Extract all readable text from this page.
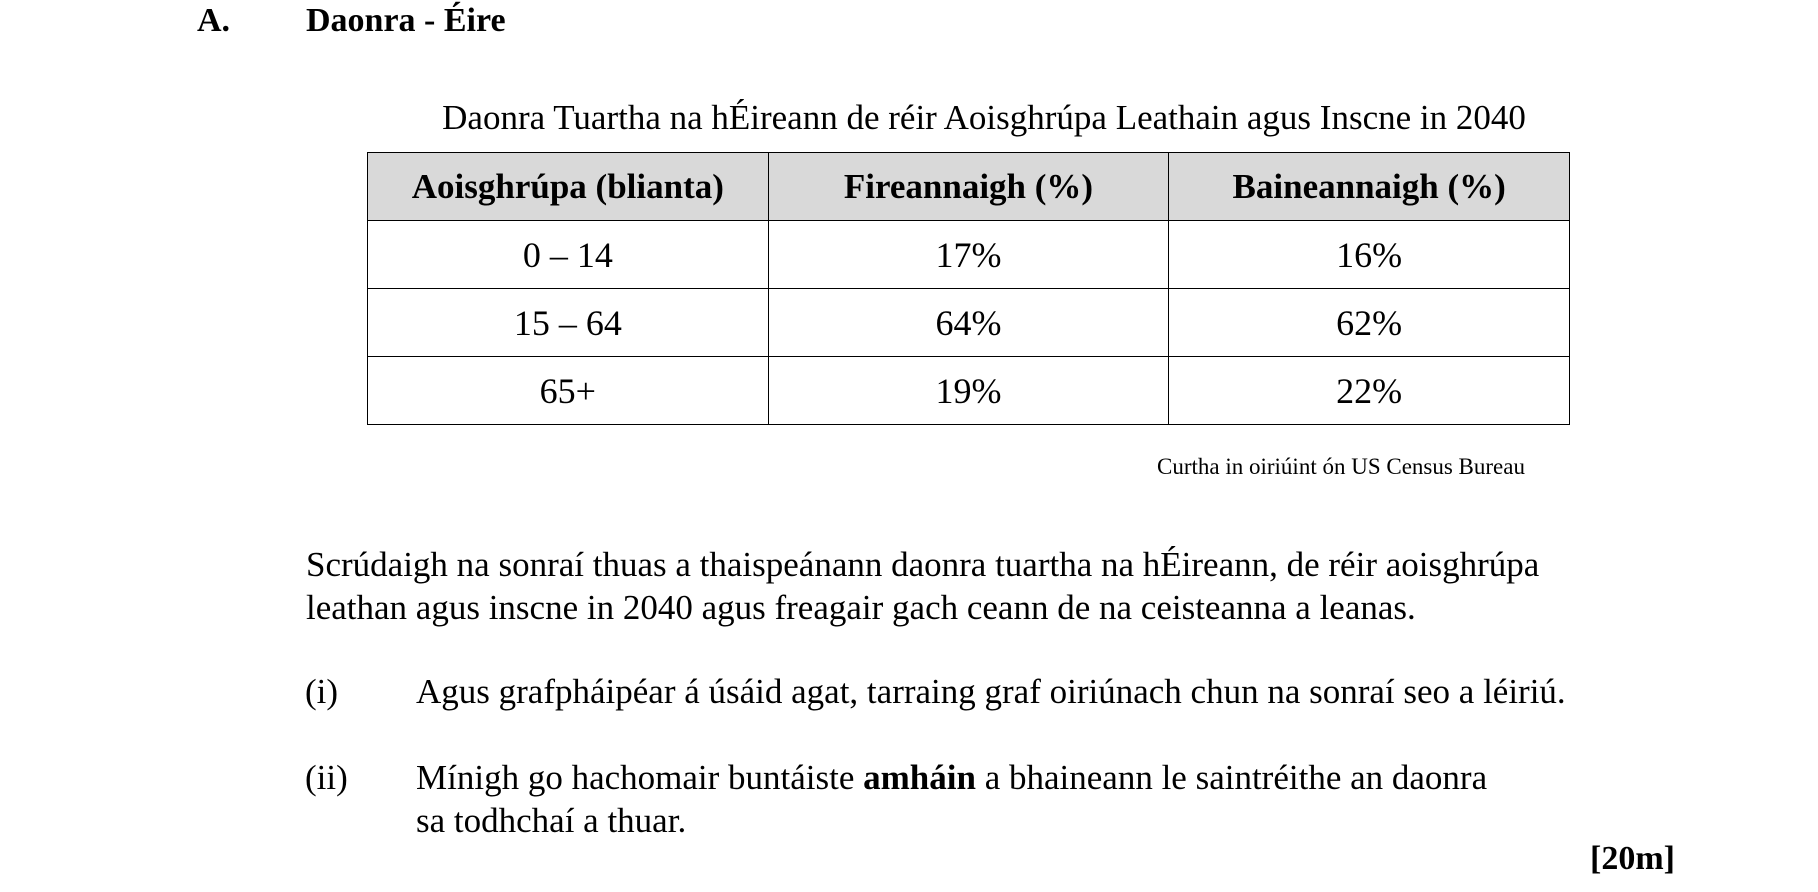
A. Daonra - Éire
Daonra Tuartha na hÉireann de réir Aoisghrúpa Leathain agus Inscne in 2040
Aoisghrúpa (blianta)	Fireannaigh (%)	Baineannaigh (%)
0 – 14	17%	16%
15 – 64	64%	62%
65+	19%	22%
Curtha in oiriúint ón US Census Bureau
Scrúdaigh na sonraí thuas a thaispeánann daonra tuartha na hÉireann, de réir aoisghrúpa
leathan agus inscne in 2040 agus freagair gach ceann de na ceisteanna a leanas.
(i) Agus grafpháipéar á úsáid agat, tarraing graf oiriúnach chun na sonraí seo a léiriú.
(ii) Mínigh go hachomair buntáiste amháin a bhaineann le saintréithe an daonra
sa todhchaí a thuar.
[20m]
